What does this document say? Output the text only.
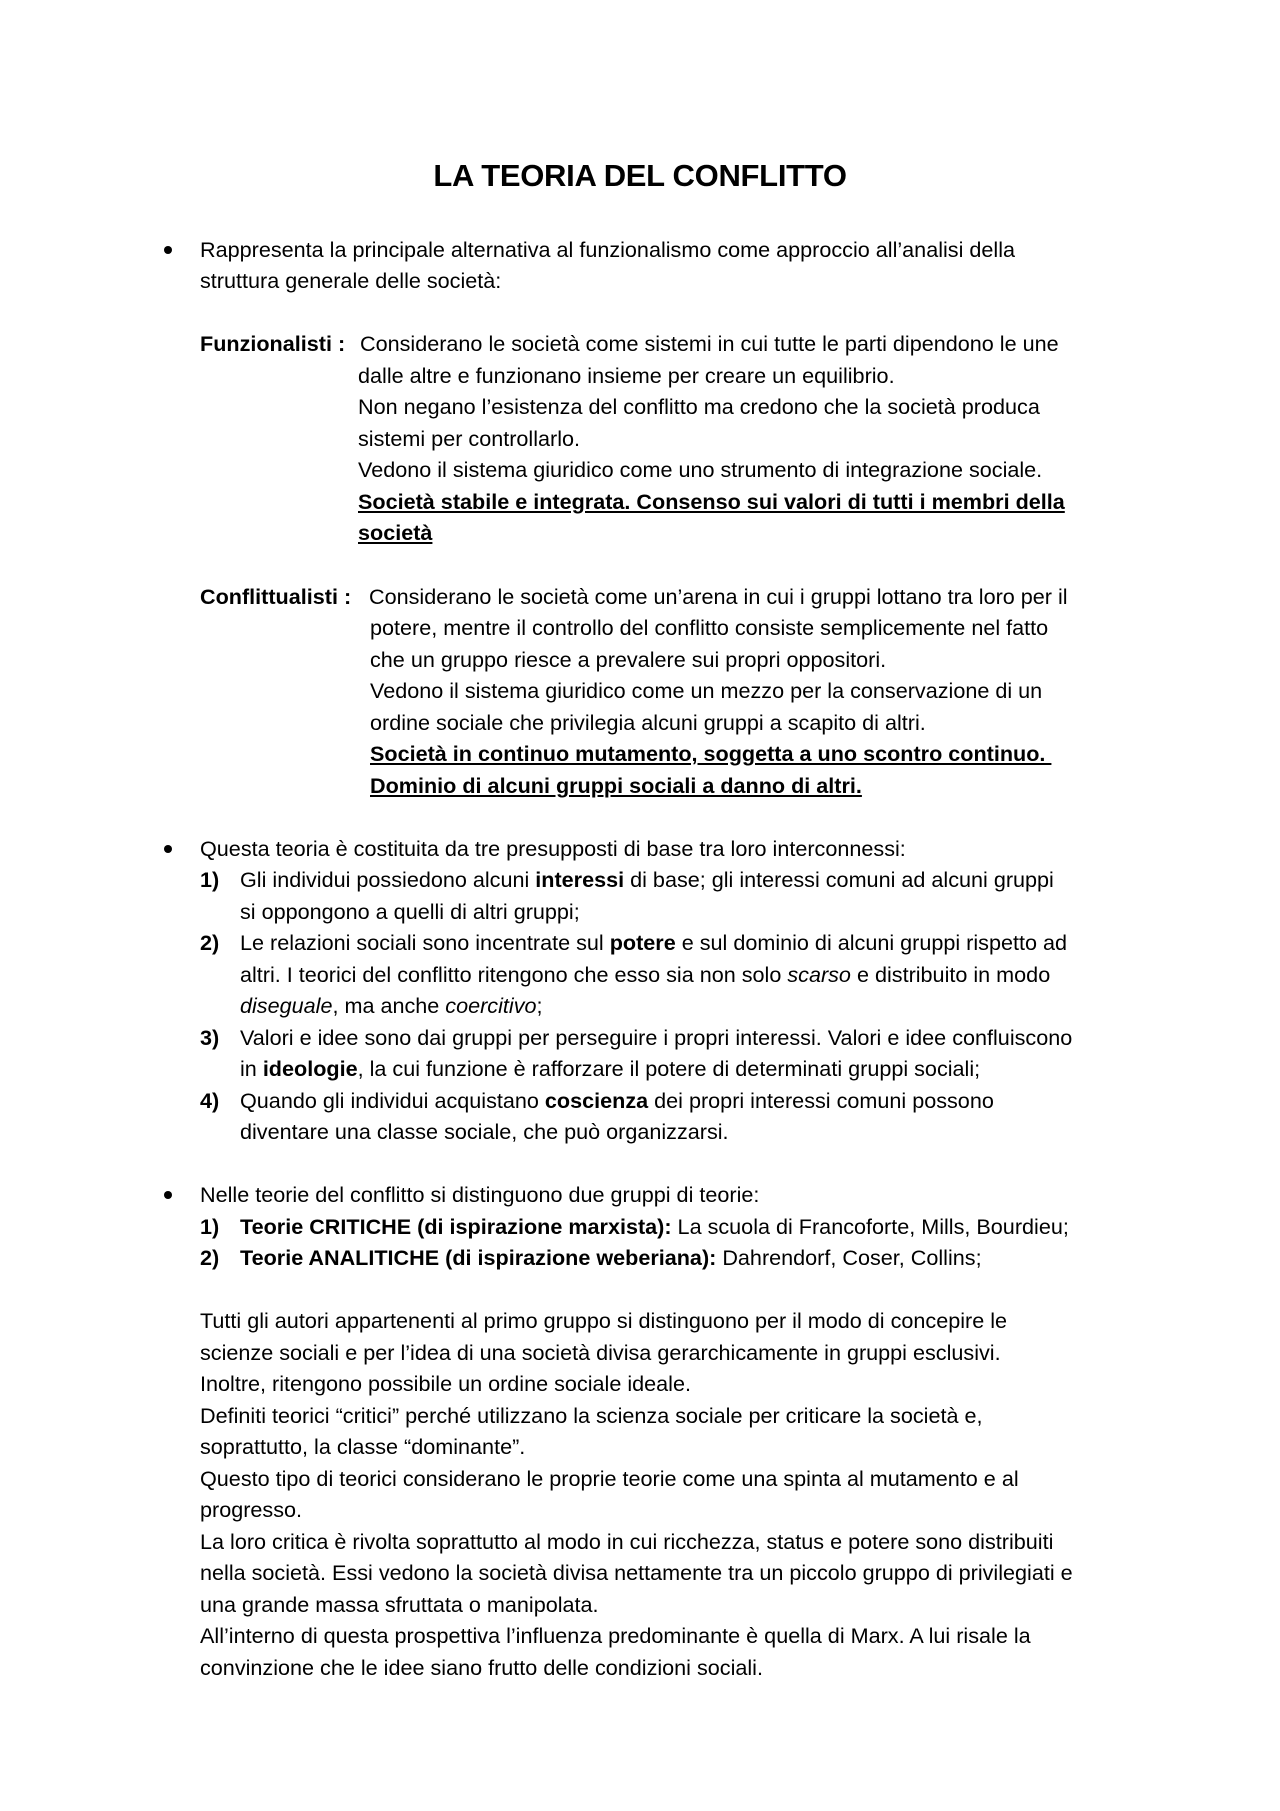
LA TEORIA DEL CONFLITTO
Rappresenta la principale alternativa al funzionalismo come approccio all’analisi della
struttura generale delle società:
Funzionalisti : Considerano le società come sistemi in cui tutte le parti dipendono le une
dalle altre e funzionano insieme per creare un equilibrio.
Non negano l’esistenza del conflitto ma credono che la società produca
sistemi per controllarlo.
Vedono il sistema giuridico come uno strumento di integrazione sociale.
Società stabile e integrata. Consenso sui valori di tutti i membri della
società
Conflittualisti : Considerano le società come un’arena in cui i gruppi lottano tra loro per il
potere, mentre il controllo del conflitto consiste semplicemente nel fatto
che un gruppo riesce a prevalere sui propri oppositori.
Vedono il sistema giuridico come un mezzo per la conservazione di un
ordine sociale che privilegia alcuni gruppi a scapito di altri.
Società in continuo mutamento, soggetta a uno scontro continuo.
Dominio di alcuni gruppi sociali a danno di altri.
Questa teoria è costituita da tre presupposti di base tra loro interconnessi:
1) Gli individui possiedono alcuni interessi di base; gli interessi comuni ad alcuni gruppi
si oppongono a quelli di altri gruppi;
2) Le relazioni sociali sono incentrate sul potere e sul dominio di alcuni gruppi rispetto ad
altri. I teorici del conflitto ritengono che esso sia non solo scarso e distribuito in modo
diseguale, ma anche coercitivo;
3) Valori e idee sono dai gruppi per perseguire i propri interessi. Valori e idee confluiscono
in ideologie, la cui funzione è rafforzare il potere di determinati gruppi sociali;
4) Quando gli individui acquistano coscienza dei propri interessi comuni possono
diventare una classe sociale, che può organizzarsi.
Nelle teorie del conflitto si distinguono due gruppi di teorie:
1) Teorie CRITICHE (di ispirazione marxista): La scuola di Francoforte, Mills, Bourdieu;
2) Teorie ANALITICHE (di ispirazione weberiana): Dahrendorf, Coser, Collins;
Tutti gli autori appartenenti al primo gruppo si distinguono per il modo di concepire le
scienze sociali e per l’idea di una società divisa gerarchicamente in gruppi esclusivi.
Inoltre, ritengono possibile un ordine sociale ideale.
Definiti teorici “critici” perché utilizzano la scienza sociale per criticare la società e,
soprattutto, la classe “dominante”.
Questo tipo di teorici considerano le proprie teorie come una spinta al mutamento e al
progresso.
La loro critica è rivolta soprattutto al modo in cui ricchezza, status e potere sono distribuiti
nella società. Essi vedono la società divisa nettamente tra un piccolo gruppo di privilegiati e
una grande massa sfruttata o manipolata.
All’interno di questa prospettiva l’influenza predominante è quella di Marx. A lui risale la
convinzione che le idee siano frutto delle condizioni sociali.
